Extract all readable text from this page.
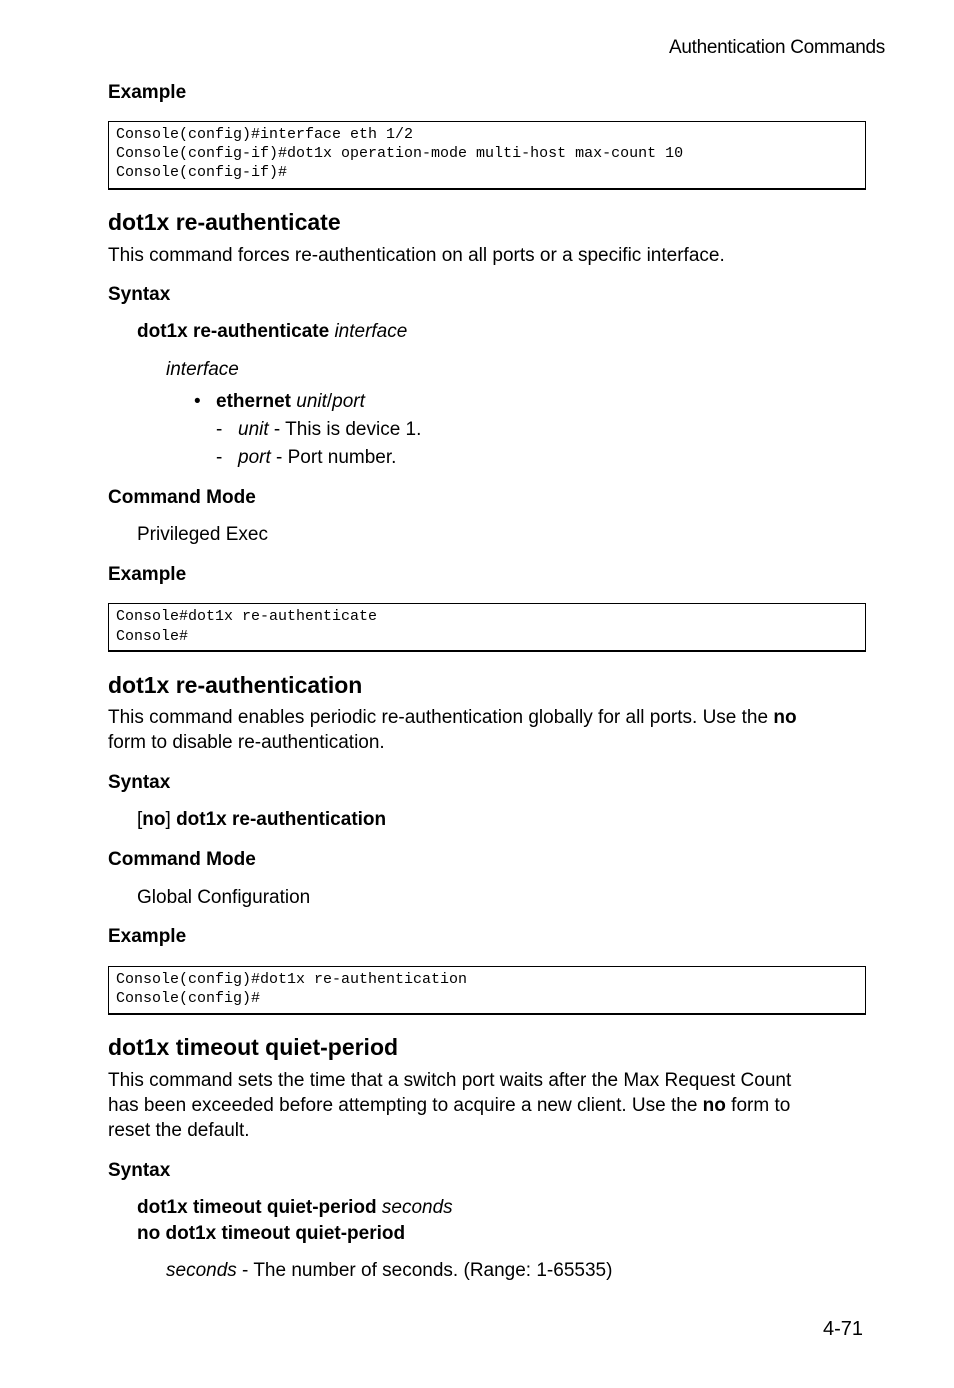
Authentication Commands
Example
Console(config)#interface eth 1/2
Console(config-if)#dot1x operation-mode multi-host max-count 10
Console(config-if)#
dot1x re-authenticate
This command forces re-authentication on all ports or a specific interface.
Syntax
dot1x re-authenticate interface
interface
• ethernet unit/port
- unit - This is device 1.
- port - Port number.
Command Mode
Privileged Exec
Example
Console#dot1x re-authenticate
Console#
dot1x re-authentication
This command enables periodic re-authentication globally for all ports. Use the no
form to disable re-authentication.
Syntax
[no] dot1x re-authentication
Command Mode
Global Configuration
Example
Console(config)#dot1x re-authentication
Console(config)#
dot1x timeout quiet-period
This command sets the time that a switch port waits after the Max Request Count
has been exceeded before attempting to acquire a new client. Use the no form to
reset the default.
Syntax
dot1x timeout quiet-period seconds
no dot1x timeout quiet-period
seconds - The number of seconds. (Range: 1-65535)
4-71
